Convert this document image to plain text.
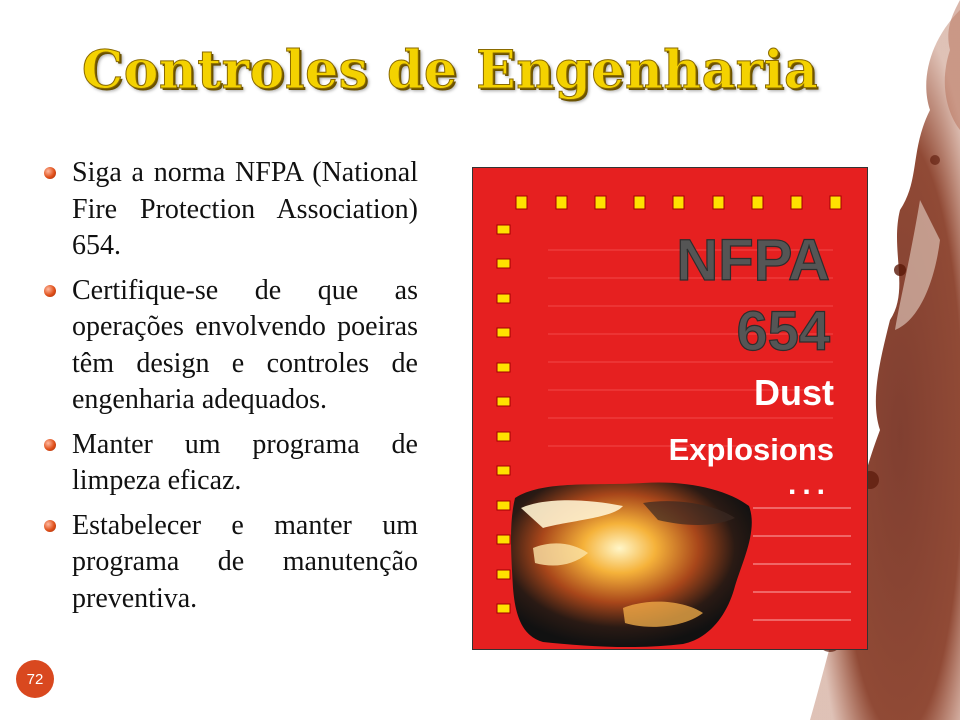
Controles de Engenharia
Siga a norma NFPA (National Fire Protection Association) 654.
Certifique-se de que as operações envolvendo poeiras têm design e controles de engenharia adequados.
Manter um programa de limpeza eficaz.
Estabelecer e manter um programa de manutenção preventiva.
NFPA
654
Dust
Explosions
...
72
